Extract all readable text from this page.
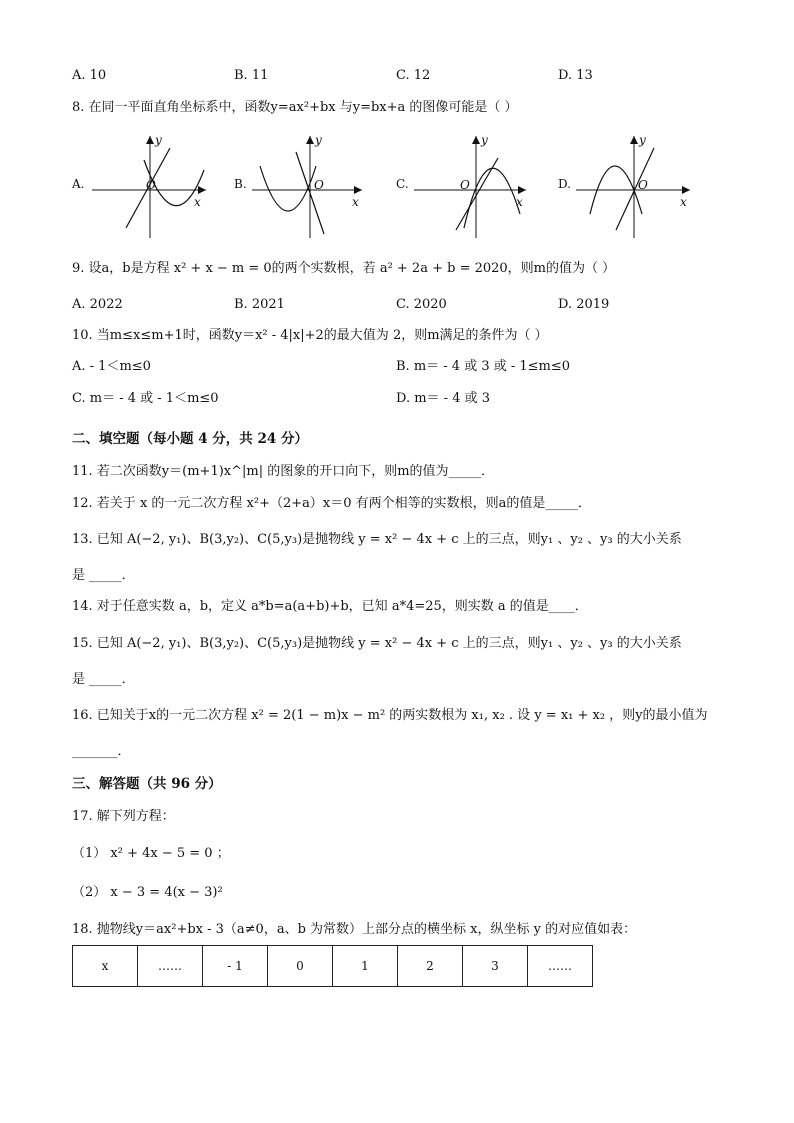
A. 10	B. 11	C. 12	D. 13
8. 在同一平面直角坐标系中，函数y=ax²+bx 与y=bx+a 的图像可能是（ ）
A.
y
x
O	B.
y
x
O	C.
y
x
O	D.
y
x
O
9. 设a，b是方程 x² + x − m = 0的两个实数根，若 a² + 2a + b = 2020，则m的值为（ ）
A. 2022	B. 2021	C. 2020	D. 2019
10. 当m≤x≤m+1时，函数y＝x² - 4|x|+2的最大值为 2，则m满足的条件为（ ）
A. - 1＜m≤0	B. m＝ - 4 或 3 或 - 1≤m≤0
C. m＝ - 4 或 - 1＜m≤0	D. m＝ - 4 或 3
二、填空题（每小题 4 分，共 24 分）
11. 若二次函数y＝(m+1)x^|m| 的图象的开口向下，则m的值为_____．
12. 若关于 x 的一元二次方程 x²+（2+a）x＝0 有两个相等的实数根，则a的值是_____．
13. 已知 A(−2, y₁)、B(3,y₂)、C(5,y₃)是抛物线 y = x² − 4x + c 上的三点，则y₁ 、y₂ 、y₃ 的大小关系
是 _____．
14. 对于任意实数 a，b，定义 a*b=a(a+b)+b，已知 a*4=25，则实数 a 的值是____．
15. 已知 A(−2, y₁)、B(3,y₂)、C(5,y₃)是抛物线 y = x² − 4x + c 上的三点，则y₁ 、y₂ 、y₃ 的大小关系
是 _____．
16. 已知关于x的一元二次方程 x² = 2(1 − m)x − m² 的两实数根为 x₁, x₂ . 设 y = x₁ + x₂ ，则y的最小值为
_______．
三、解答题（共 96 分）
17. 解下列方程：
（1） x² + 4x − 5 = 0 ；
（2） x − 3 = 4(x − 3)²
18. 抛物线y＝ax²+bx - 3（a≠0，a、b 为常数）上部分点的横坐标 x，纵坐标 y 的对应值如表：
x	……	- 1	0	1	2	3	……
